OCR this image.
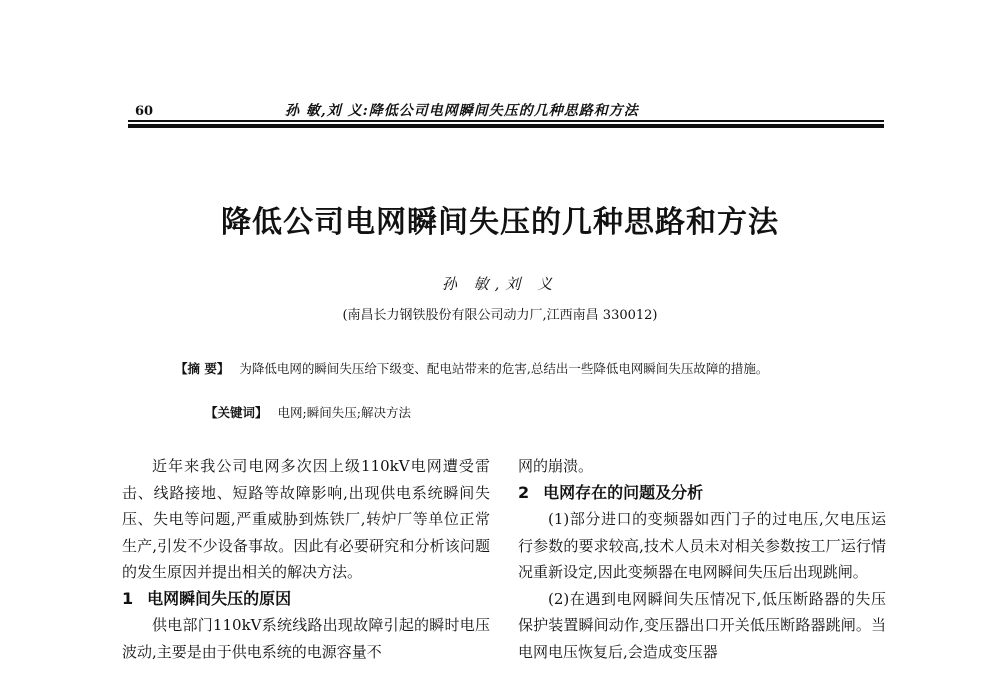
60	孙 敏,刘 义:降低公司电网瞬间失压的几种思路和方法
降低公司电网瞬间失压的几种思路和方法
孙 敏,刘 义
(南昌长力钢铁股份有限公司动力厂,江西南昌 330012)
【摘 要】 为降低电网的瞬间失压给下级变、配电站带来的危害,总结出一些降低电网瞬间失压故障的措施。
【关键词】 电网;瞬间失压;解决方法

近年来我公司电网多次因上级110kV电网遭受雷击、线路接地、短路等故障影响,出现供电系统瞬间失压、失电等问题,严重威胁到炼铁厂,转炉厂等单位正常生产,引发不少设备事故。因此有必要研究和分析该问题的发生原因并提出相关的解决方法。

1 电网瞬间失压的原因

供电部门110kV系统线路出现故障引起的瞬时电压波动,主要是由于供电系统的电源容量不

网的崩溃。

2 电网存在的问题及分析

(1)部分进口的变频器如西门子的过电压,欠电压运行参数的要求较高,技术人员未对相关参数按工厂运行情况重新设定,因此变频器在电网瞬间失压后出现跳闸。

(2)在遇到电网瞬间失压情况下,低压断路器的失压保护装置瞬间动作,变压器出口开关低压断路器跳闸。当电网电压恢复后,会造成变压器
